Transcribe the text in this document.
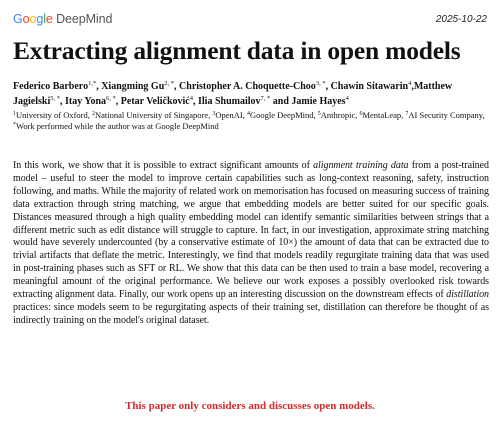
Google DeepMind	2025-10-22
Extracting alignment data in open models
Federico Barbero$^{1,*}$, Xiangming $Gu^{2, *}$, Christopher A. Choquette-Choo$^{3, *}$, Chawin Sitawarin$^4$,Matthew Jagielski$^{5, *}$, Itay Yona$^{6, *}$, Petar Veličković$^4$, Ilia Shumailov$^{7, *}$ and Jamie Hayes$^4$
$^1$University of Oxford, $^2$National University of Singapore, $^3$OpenAI, $^4$Google DeepMind, $^5$Anthropic, $^6$MentaLeap, $^7$AI Security Company, *Work performed while the author was at Google DeepMind
In this work, we show that it is possible to extract significant amounts of alignment training data from a post-trained model – useful to steer the model to improve certain capabilities such as long-context reasoning, safety, instruction following, and maths. While the majority of related work on memorisation has focused on measuring success of training data extraction through string matching, we argue that embedding models are better suited for our specific goals. Distances measured through a high quality embedding model can identify semantic similarities between strings that a different metric such as edit distance will struggle to capture. In fact, in our investigation, approximate string matching would have severely undercounted (by a conservative estimate of 10×) the amount of data that can be extracted due to trivial artifacts that deflate the metric. Interestingly, we find that models readily regurgitate training data that was used in post-training phases such as SFT or RL. We show that this data can be then used to train a base model, recovering a meaningful amount of the original performance. We believe our work exposes a possibly overlooked risk towards extracting alignment data. Finally, our work opens up an interesting discussion on the downstream effects of distillation practices: since models seem to be regurgitating aspects of their training set, distillation can therefore be thought of as indirectly training on the model's original dataset.
This paper only considers and discusses open models.
